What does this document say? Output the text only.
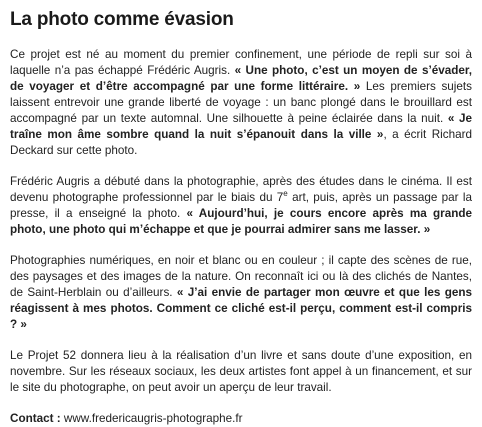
La photo comme évasion

Ce projet est né au moment du premier confinement, une période de repli sur soi à laquelle n’a pas échappé Frédéric Augris. « Une photo, c’est un moyen de s’évader, de voyager et d’être accompagné par une forme littéraire. » Les premiers sujets laissent entrevoir une grande liberté de voyage : un banc plongé dans le brouillard est accompagné par un texte automnal. Une silhouette à peine éclairée dans la nuit. « Je traîne mon âme sombre quand la nuit s’épanouit dans la ville », a écrit Richard Deckard sur cette photo.

Frédéric Augris a débuté dans la photographie, après des études dans le cinéma. Il est devenu photographe professionnel par le biais du 7e art, puis, après un passage par la presse, il a enseigné la photo. « Aujourd’hui, je cours encore après ma grande photo, une photo qui m’échappe et que je pourrai admirer sans me lasser. »

Photographies numériques, en noir et blanc ou en couleur ; il capte des scènes de rue, des paysages et des images de la nature. On reconnaît ici ou là des clichés de Nantes, de Saint-Herblain ou d’ailleurs. « J’ai envie de partager mon œuvre et que les gens réagissent à mes photos. Comment ce cliché est-il perçu, comment est-il compris ? »

Le Projet 52 donnera lieu à la réalisation d’un livre et sans doute d’une exposition, en novembre. Sur les réseaux sociaux, les deux artistes font appel à un financement, et sur le site du photographe, on peut avoir un aperçu de leur travail.

Contact : www.fredericaugris-photographe.fr
